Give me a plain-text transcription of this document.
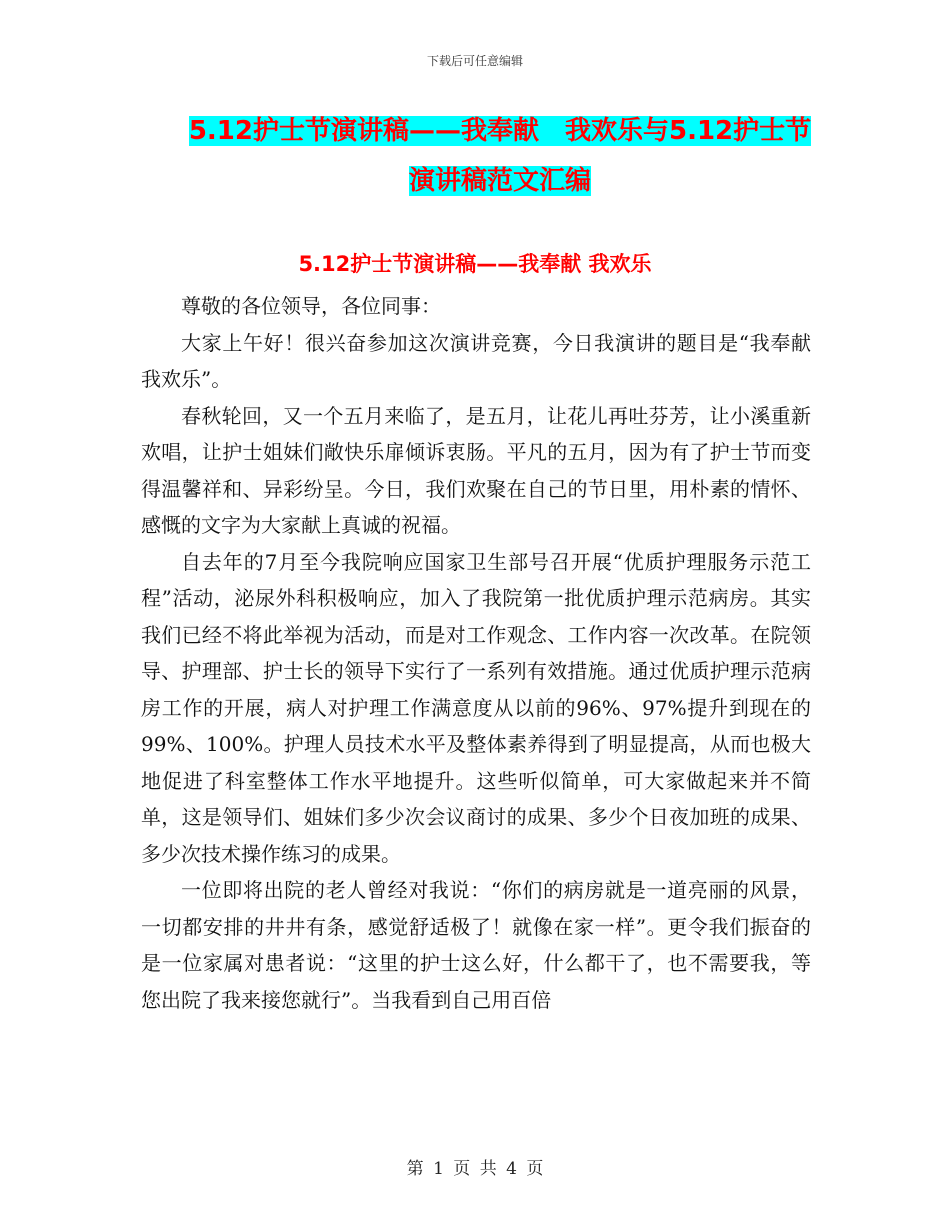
下载后可任意编辑
5.12护士节演讲稿——我奉献　我欢乐与5.12护士节
演讲稿范文汇编
5.12护士节演讲稿——我奉献 我欢乐

尊敬的各位领导，各位同事：

大家上午好！很兴奋参加这次演讲竞赛，今日我演讲的题目是“我奉献　我欢乐”。

春秋轮回，又一个五月来临了，是五月，让花儿再吐芬芳，让小溪重新欢唱，让护士姐妹们敞快乐扉倾诉衷肠。平凡的五月，因为有了护士节而变得温馨祥和、异彩纷呈。今日，我们欢聚在自己的节日里，用朴素的情怀、感慨的文字为大家献上真诚的祝福。

自去年的7月至今我院响应国家卫生部号召开展“优质护理服务示范工程”活动，泌尿外科积极响应，加入了我院第一批优质护理示范病房。其实我们已经不将此举视为活动，而是对工作观念、工作内容一次改革。在院领导、护理部、护士长的领导下实行了一系列有效措施。通过优质护理示范病房工作的开展，病人对护理工作满意度从以前的96%、97%提升到现在的99%、100%。护理人员技术水平及整体素养得到了明显提高，从而也极大地促进了科室整体工作水平地提升。这些听似简单，可大家做起来并不简单，这是领导们、姐妹们多少次会议商讨的成果、多少个日夜加班的成果、多少次技术操作练习的成果。

一位即将出院的老人曾经对我说：“你们的病房就是一道亮丽的风景，一切都安排的井井有条，感觉舒适极了！就像在家一样”。更令我们振奋的是一位家属对患者说：“这里的护士这么好，什么都干了，也不需要我，等您出院了我来接您就行”。当我看到自己用百倍

第 1 页 共 4 页
